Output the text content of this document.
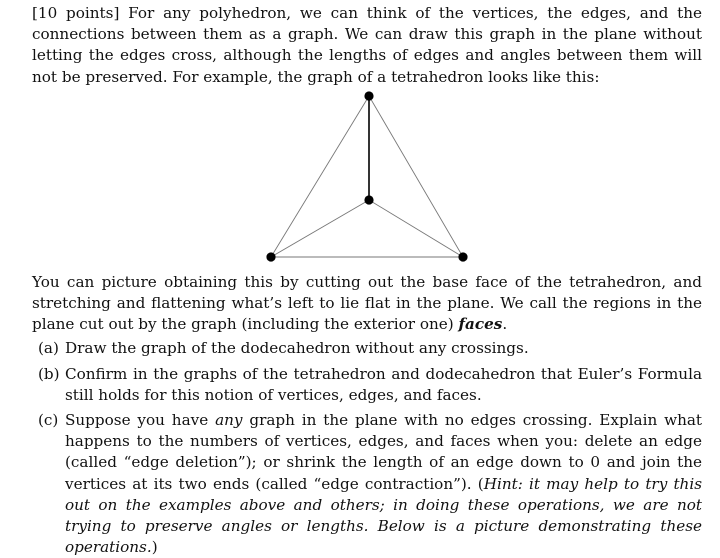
[10 points] For any polyhedron, we can think of the vertices, the edges, and the connections between them as a graph. We can draw this graph in the plane without letting the edges cross, although the lengths of edges and angles between them will not be preserved. For example, the graph of a tetrahedron looks like this:

You can picture obtaining this by cutting out the base face of the tetrahedron, and stretching and flattening what’s left to lie flat in the plane. We call the regions in the plane cut out by the graph (including the exterior one) faces.

(a) Draw the graph of the dodecahedron without any crossings.
(b) Confirm in the graphs of the tetrahedron and dodecahedron that Euler’s Formula still holds for this notion of vertices, edges, and faces.
(c) Suppose you have any graph in the plane with no edges crossing. Explain what happens to the numbers of vertices, edges, and faces when you: delete an edge (called “edge deletion”); or shrink the length of an edge down to 0 and join the vertices at its two ends (called “edge contraction”). (Hint: it may help to try this out on the examples above and others; in doing these operations, we are not trying to preserve angles or lengths. Below is a picture demonstrating these operations.)
